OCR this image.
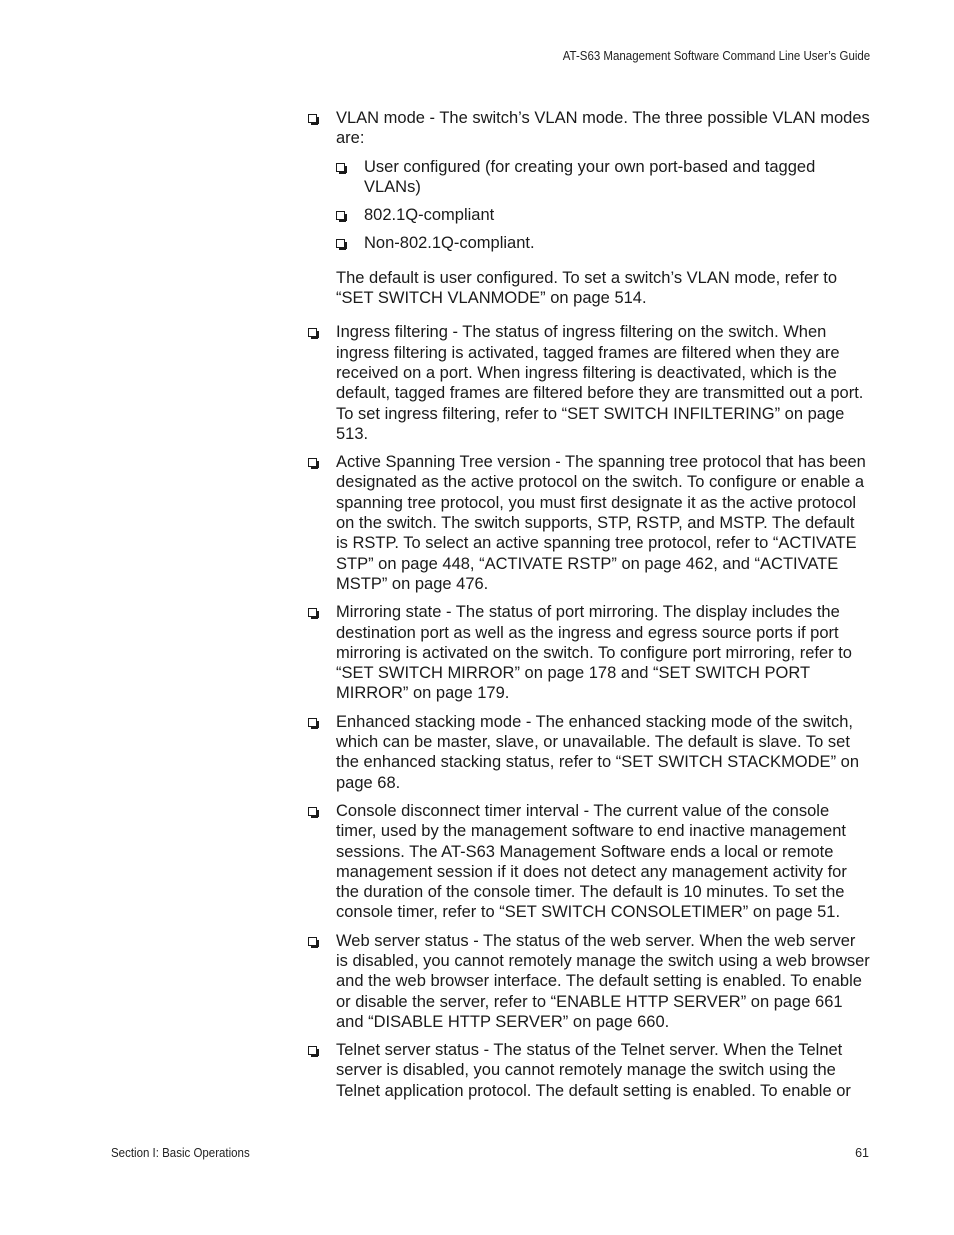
AT-S63 Management Software Command Line User’s Guide
VLAN mode - The switch’s VLAN mode. The three possible VLAN modes are:
User configured (for creating your own port-based and tagged VLANs)
802.1Q-compliant
Non-802.1Q-compliant.
The default is user configured. To set a switch’s VLAN mode, refer to “SET SWITCH VLANMODE” on page 514.
Ingress filtering - The status of ingress filtering on the switch. When ingress filtering is activated, tagged frames are filtered when they are received on a port. When ingress filtering is deactivated, which is the default, tagged frames are filtered before they are transmitted out a port. To set ingress filtering, refer to “SET SWITCH INFILTERING” on page 513.
Active Spanning Tree version - The spanning tree protocol that has been designated as the active protocol on the switch. To configure or enable a spanning tree protocol, you must first designate it as the active protocol on the switch. The switch supports, STP, RSTP, and MSTP. The default is RSTP. To select an active spanning tree protocol, refer to “ACTIVATE STP” on page 448, “ACTIVATE RSTP” on page 462, and “ACTIVATE MSTP” on page 476.
Mirroring state - The status of port mirroring. The display includes the destination port as well as the ingress and egress source ports if port mirroring is activated on the switch. To configure port mirroring, refer to “SET SWITCH MIRROR” on page 178 and “SET SWITCH PORT MIRROR” on page 179.
Enhanced stacking mode - The enhanced stacking mode of the switch, which can be master, slave, or unavailable. The default is slave. To set the enhanced stacking status, refer to “SET SWITCH STACKMODE” on page 68.
Console disconnect timer interval - The current value of the console timer, used by the management software to end inactive management sessions. The AT-S63 Management Software ends a local or remote management session if it does not detect any management activity for the duration of the console timer. The default is 10 minutes. To set the console timer, refer to “SET SWITCH CONSOLETIMER” on page 51.
Web server status - The status of the web server. When the web server is disabled, you cannot remotely manage the switch using a web browser and the web browser interface. The default setting is enabled. To enable or disable the server, refer to “ENABLE HTTP SERVER” on page 661 and “DISABLE HTTP SERVER” on page 660.
Telnet server status - The status of the Telnet server. When the Telnet server is disabled, you cannot remotely manage the switch using the Telnet application protocol. The default setting is enabled. To enable or
Section I: Basic Operations	61
